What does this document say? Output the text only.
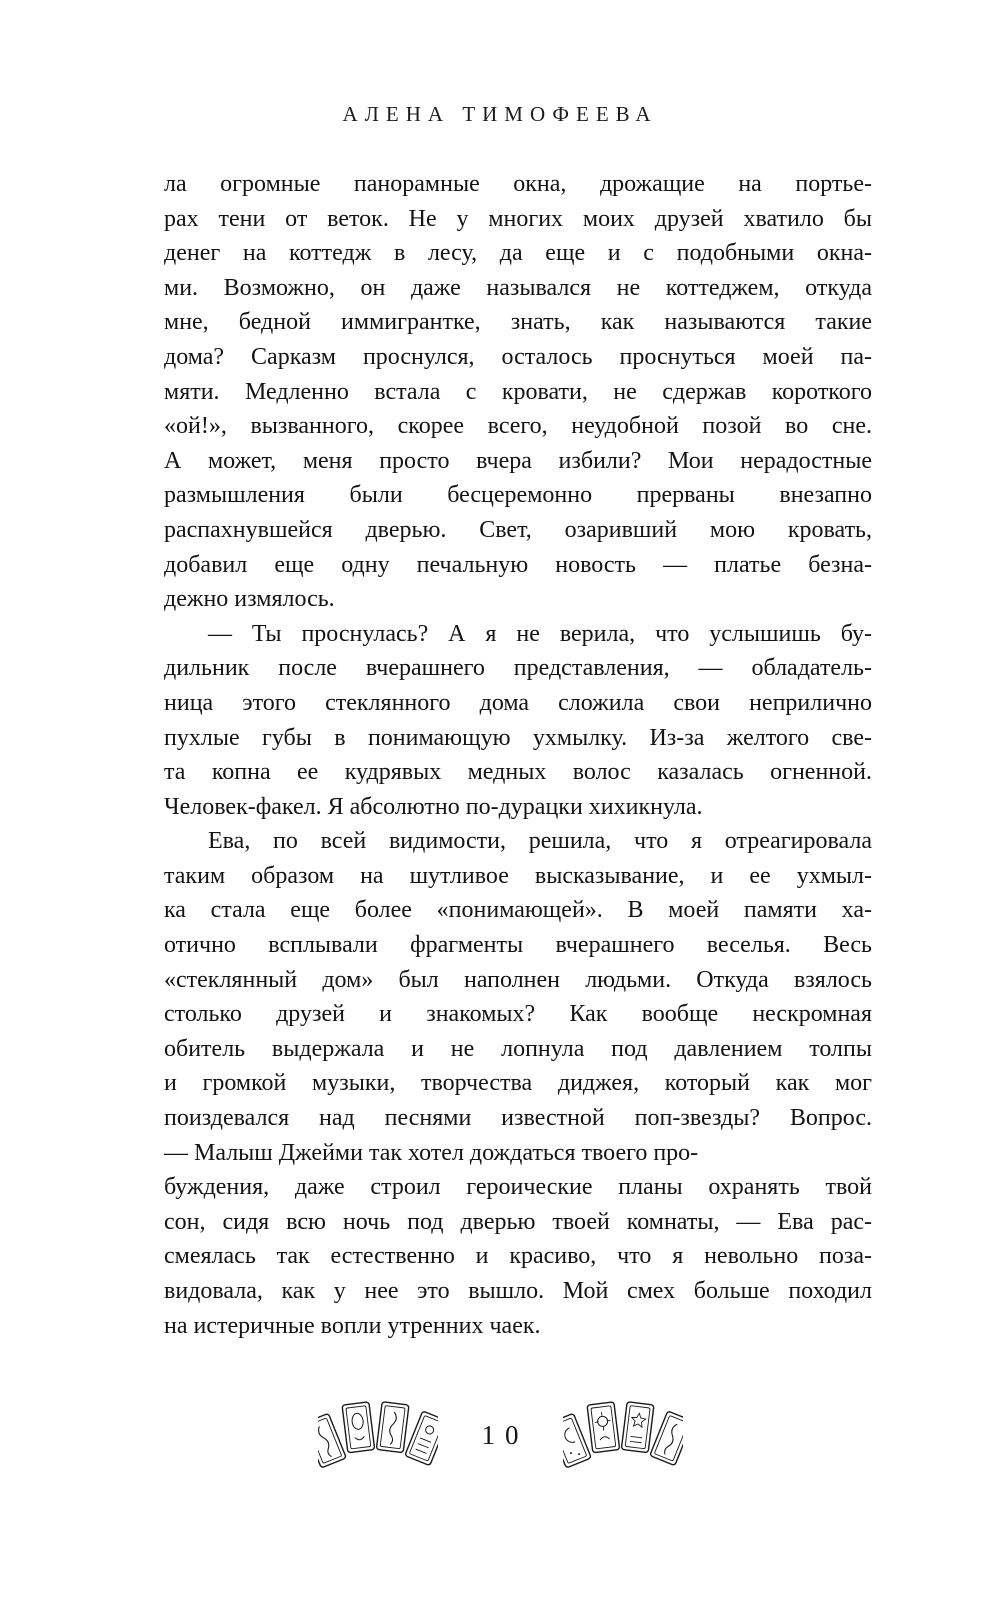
АЛЕНА ТИМОФЕЕВА
ла огромные панорамные окна, дрожащие на портье-
рах тени от веток. Не у многих моих друзей хватило бы
денег на коттедж в лесу, да еще и с подобными окна-
ми. Возможно, он даже назывался не коттеджем, откуда
мне, бедной иммигрантке, знать, как называются такие
дома? Сарказм проснулся, осталось проснуться моей па-
мяти. Медленно встала с кровати, не сдержав короткого
«ой!», вызванного, скорее всего, неудобной позой во сне.
А может, меня просто вчера избили? Мои нерадостные
размышления были бесцеремонно прерваны внезапно
распахнувшейся дверью. Свет, озаривший мою кровать,
добавил еще одну печальную новость — платье безна-
дежно измялось.
— Ты проснулась? А я не верила, что услышишь бу-
дильник после вчерашнего представления, — обладатель-
ница этого стеклянного дома сложила свои неприлично
пухлые губы в понимающую ухмылку. Из-за желтого све-
та копна ее кудрявых медных волос казалась огненной.
Человек-факел. Я абсолютно по-дурацки хихикнула.
Ева, по всей видимости, решила, что я отреагировала
таким образом на шутливое высказывание, и ее ухмыл-
ка стала еще более «понимающей». В моей памяти ха-
отично всплывали фрагменты вчерашнего веселья. Весь
«стеклянный дом» был наполнен людьми. Откуда взялось
столько друзей и знакомых? Как вообще нескромная
обитель выдержала и не лопнула под давлением толпы
и громкой музыки, творчества диджея, который как мог
поиздевался над песнями известной поп-звезды? Вопрос.
— Малыш Джейми так хотел дождаться твоего про-
буждения, даже строил героические планы охранять твой
сон, сидя всю ночь под дверью твоей комнаты, — Ева рас-
смеялась так естественно и красиво, что я невольно поза-
видовала, как у нее это вышло. Мой смех больше походил
на истеричные вопли утренних чаек.
10
